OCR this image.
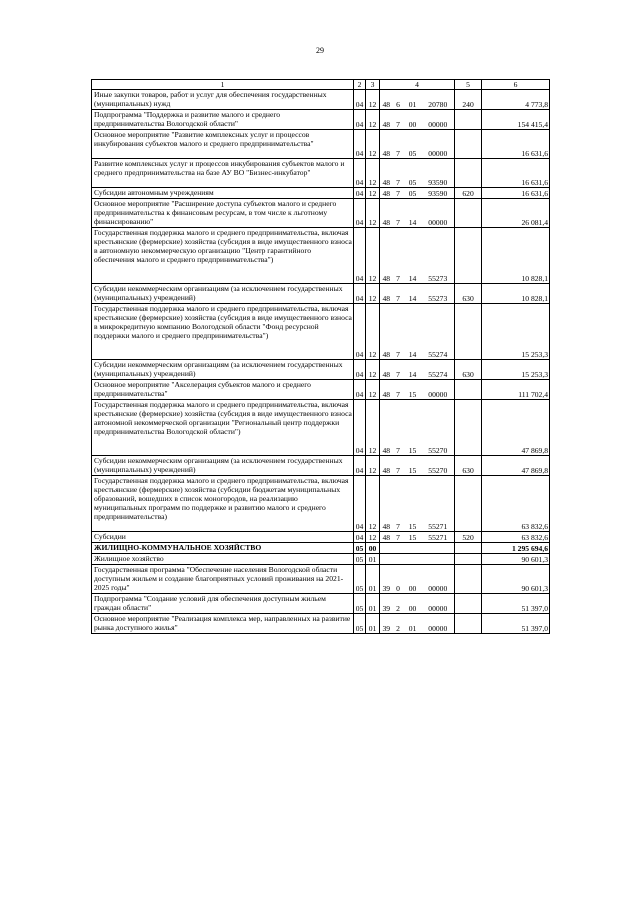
29
1	2	3	4				5	6
Иные закупки товаров, работ и услуг для обеспечения государственных (муниципальных) нужд	04	12	48	6	01	20780	240	4 773,8
Подпрограмма "Поддержка и развитие малого и среднего предпринимательства Вологодской области"	04	12	48	7	00	00000		154 415,4
Основное мероприятие "Развитие комплексных услуг и процессов инкубирования субъектов малого и среднего предпринимательства"	04	12	48	7	05	00000		16 631,6
Развитие комплексных услуг и процессов инкубирования субъектов малого и среднего предпринимательства на базе АУ ВО "Бизнес-инкубатор"	04	12	48	7	05	93590		16 631,6
Субсидии автономным учреждениям	04	12	48	7	05	93590	620	16 631,6
Основное мероприятие "Расширение доступа субъектов малого и среднего предпринимательства к финансовым ресурсам, в том числе к льготному финансированию"	04	12	48	7	14	00000		26 081,4
Государственная поддержка малого и среднего предпринимательства, включая крестьянские (фермерские) хозяйства (субсидия в виде имущественного взноса в автономную некоммерческую организацию "Центр гарантийного обеспечения малого и среднего предпринимательства")	04	12	48	7	14	55273		10 828,1
Субсидии некоммерческим организациям (за исключением государственных (муниципальных) учреждений)	04	12	48	7	14	55273	630	10 828,1
Государственная поддержка малого и среднего предпринимательства, включая крестьянские (фермерские) хозяйства (субсидия в виде имущественного взноса в микрокредитную компанию Вологодской области "Фонд ресурсной поддержки малого и среднего предпринимательства")	04	12	48	7	14	55274		15 253,3
Субсидии некоммерческим организациям (за исключением государственных (муниципальных) учреждений)	04	12	48	7	14	55274	630	15 253,3
Основное мероприятие "Акселерация субъектов малого и среднего предпринимательства"	04	12	48	7	15	00000		111 702,4
Государственная поддержка малого и среднего предпринимательства, включая крестьянские (фермерские) хозяйства (субсидия в виде имущественного взноса автономной некоммерческой организации "Региональный центр поддержки предпринимательства Вологодской области")	04	12	48	7	15	55270		47 869,8
Субсидии некоммерческим организациям (за исключением государственных (муниципальных) учреждений)	04	12	48	7	15	55270	630	47 869,8
Государственная поддержка малого и среднего предпринимательства, включая крестьянские (фермерские) хозяйства (субсидии бюджетам муниципальных образований, вошедших в список моногородов, на реализацию муниципальных программ по поддержке и развитию малого и среднего предпринимательства)	04	12	48	7	15	55271		63 832,6
Субсидии	04	12	48	7	15	55271	520	63 832,6
ЖИЛИЩНО-КОММУНАЛЬНОЕ ХОЗЯЙСТВО	05	00						1 295 694,6
Жилищное хозяйство	05	01						90 601,3
Государственная программа "Обеспечение населения Вологодской области доступным жильем и создание благоприятных условий проживания на 2021-2025 годы"	05	01	39	0	00	00000		90 601,3
Подпрограмма "Создание условий для обеспечения доступным жильем граждан области"	05	01	39	2	00	00000		51 397,0
Основное мероприятие "Реализация комплекса мер, направленных на развитие рынка доступного жилья"	05	01	39	2	01	00000		51 397,0
